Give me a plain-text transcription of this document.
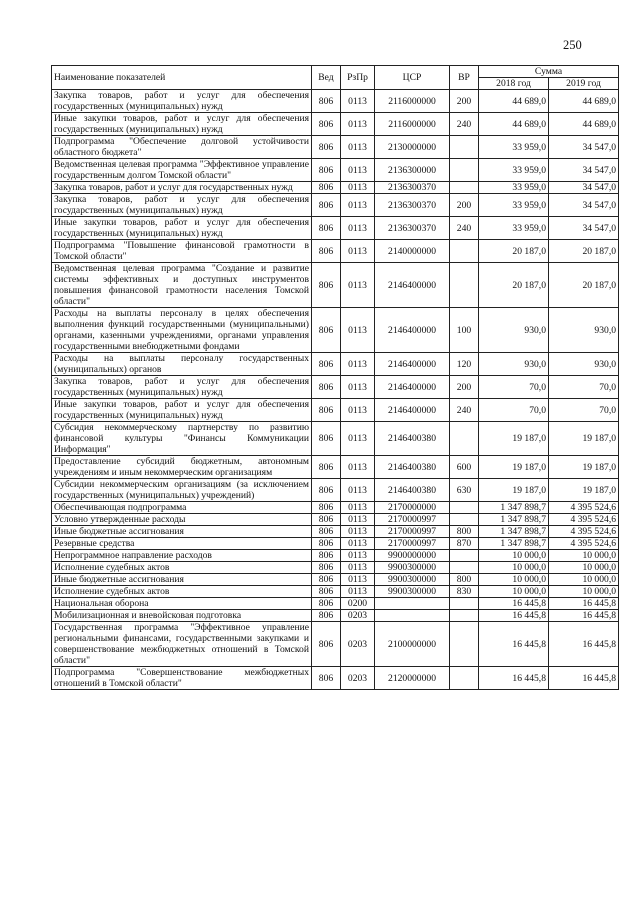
250
Наименование показателей	Вед	РзПр	ЦСР	ВР	Сумма	
					2018 год	2019 год
Закупка товаров, работ и услуг для обеспечения государственных (муниципальных) нужд	806	0113	2116000000	200	44 689,0	44 689,0
Иные закупки товаров, работ и услуг для обеспечения государственных (муниципальных) нужд	806	0113	2116000000	240	44 689,0	44 689,0
Подпрограмма "Обеспечение долговой устойчивости областного бюджета"	806	0113	2130000000		33 959,0	34 547,0
Ведомственная целевая программа "Эффективное управление государственным долгом Томской области"	806	0113	2136300000		33 959,0	34 547,0
Закупка товаров, работ и услуг для государственных нужд	806	0113	2136300370		33 959,0	34 547,0
Закупка товаров, работ и услуг для обеспечения государственных (муниципальных) нужд	806	0113	2136300370	200	33 959,0	34 547,0
Иные закупки товаров, работ и услуг для обеспечения государственных (муниципальных) нужд	806	0113	2136300370	240	33 959,0	34 547,0
Подпрограмма "Повышение финансовой грамотности в Томской области"	806	0113	2140000000		20 187,0	20 187,0
Ведомственная целевая программа "Создание и развитие системы эффективных и доступных инструментов повышения финансовой грамотности населения Томской области"	806	0113	2146400000		20 187,0	20 187,0
Расходы на выплаты персоналу в целях обеспечения выполнения функций государственными (муниципальными) органами, казенными учреждениями, органами управления государственными внебюджетными фондами	806	0113	2146400000	100	930,0	930,0
Расходы на выплаты персоналу государственных (муниципальных) органов	806	0113	2146400000	120	930,0	930,0
Закупка товаров, работ и услуг для обеспечения государственных (муниципальных) нужд	806	0113	2146400000	200	70,0	70,0
Иные закупки товаров, работ и услуг для обеспечения государственных (муниципальных) нужд	806	0113	2146400000	240	70,0	70,0
Субсидия некоммерческому партнерству по развитию финансовой культуры "Финансы Коммуникации Информация"	806	0113	2146400380		19 187,0	19 187,0
Предоставление субсидий бюджетным, автономным учреждениям и иным некоммерческим организациям	806	0113	2146400380	600	19 187,0	19 187,0
Субсидии некоммерческим организациям (за исключением государственных (муниципальных) учреждений)	806	0113	2146400380	630	19 187,0	19 187,0
Обеспечивающая подпрограмма	806	0113	2170000000		1 347 898,7	4 395 524,6
Условно утвержденные расходы	806	0113	2170000997		1 347 898,7	4 395 524,6
Иные бюджетные ассигнования	806	0113	2170000997	800	1 347 898,7	4 395 524,6
Резервные средства	806	0113	2170000997	870	1 347 898,7	4 395 524,6
Непрограммное направление расходов	806	0113	9900000000		10 000,0	10 000,0
Исполнение судебных актов	806	0113	9900300000		10 000,0	10 000,0
Иные бюджетные ассигнования	806	0113	9900300000	800	10 000,0	10 000,0
Исполнение судебных актов	806	0113	9900300000	830	10 000,0	10 000,0
Национальная оборона	806	0200			16 445,8	16 445,8
Мобилизационная и вневойсковая подготовка	806	0203			16 445,8	16 445,8
Государственная программа "Эффективное управление региональными финансами, государственными закупками и совершенствование межбюджетных отношений в Томской области"	806	0203	2100000000		16 445,8	16 445,8
Подпрограмма "Совершенствование межбюджетных отношений в Томской области"	806	0203	2120000000		16 445,8	16 445,8
